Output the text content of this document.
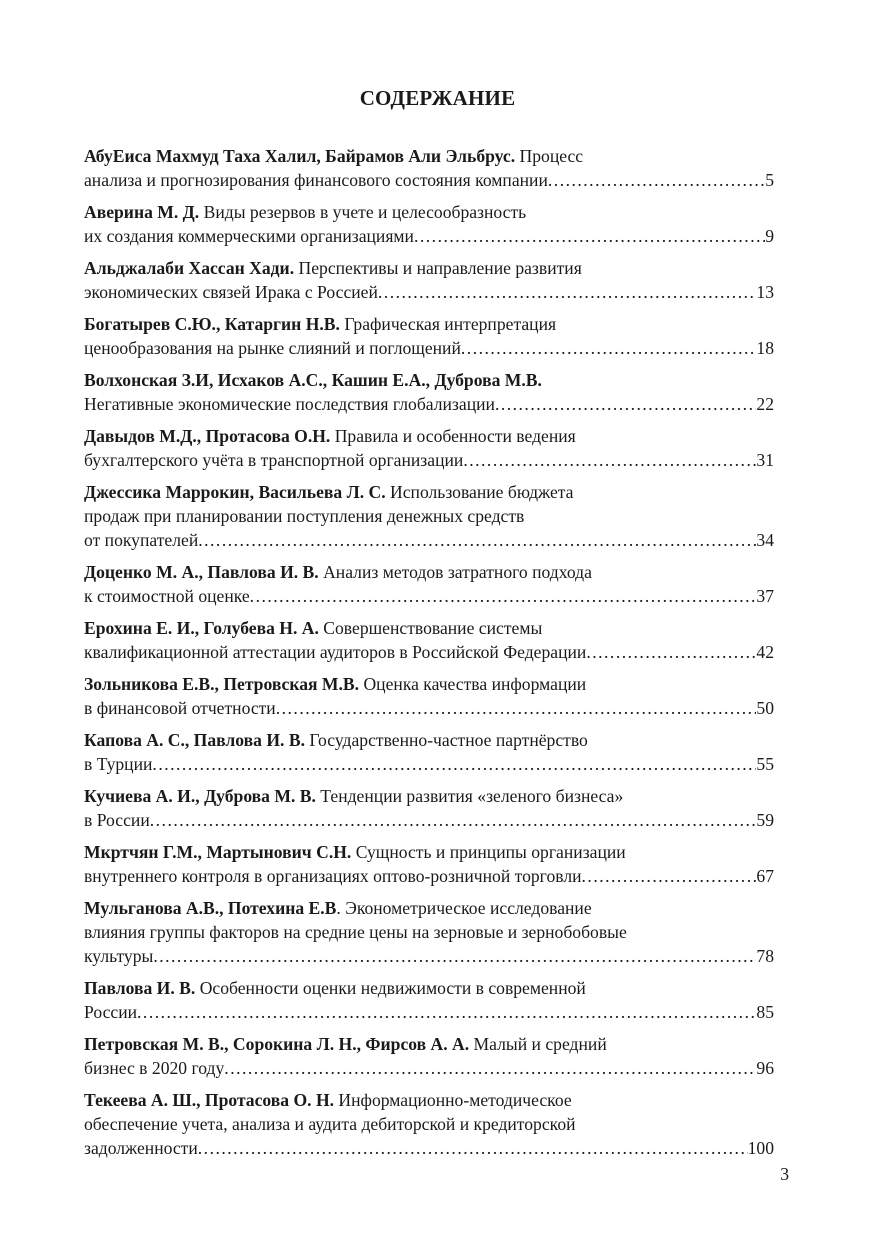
СОДЕРЖАНИЕ
АбуЕиса Махмуд Таха Халил, Байрамов Али Эльбрус. Процесс
анализа и прогнозирования финансового состояния компании .....	5
Аверина М. Д. Виды резервов в учете и целесообразность
их создания коммерческими организациями .....	9
Альджалаби Хассан Хади. Перспективы и направление развития
экономических связей Ирака с Россией .....	13
Богатырев С.Ю., Катаргин Н.В. Графическая интерпретация
ценообразования на рынке слияний и поглощений .....	18
Волхонская З.И, Исхаков А.С., Кашин Е.А., Дуброва М.В.
Негативные экономические последствия глобализации .....	22
Давыдов М.Д., Протасова О.Н. Правила и особенности ведения
бухгалтерского учёта в транспортной организации .....	31
Джессика Маррокин, Васильева Л. С. Использование бюджета
продаж при планировании поступления денежных средств
от покупателей .....	34
Доценко М. А., Павлова И. В. Анализ методов затратного подхода
к стоимостной оценке .....	37
Ерохина Е. И., Голубева Н. А. Совершенствование системы
квалификационной аттестации аудиторов в Российской Федерации .....	42
Зольникова Е.В., Петровская М.В. Оценка качества информации
в финансовой отчетности .....	50
Капова А. С., Павлова И. В. Государственно-частное партнёрство
в Турции .....	55
Кучиева А. И., Дуброва М. В. Тенденции развития «зеленого бизнеса»
в России .....	59
Мкртчян Г.М., Мартынович С.Н. Сущность и принципы организации
внутреннего контроля в организациях оптово-розничной торговли .....	67
Мульганова А.В., Потехина Е.В. Эконометрическое исследование
влияния группы факторов на средние цены на зерновые и зернобобовые
культуры .....	78
Павлова И. В. Особенности оценки недвижимости в современной
России .....	85
Петровская М. В., Сорокина Л. Н., Фирсов А. А. Малый и средний
бизнес в 2020 году .....	96
Текеева А. Ш., Протасова О. Н. Информационно-методическое
обеспечение учета, анализа и аудита дебиторской и кредиторской
задолженности .....	100
3
